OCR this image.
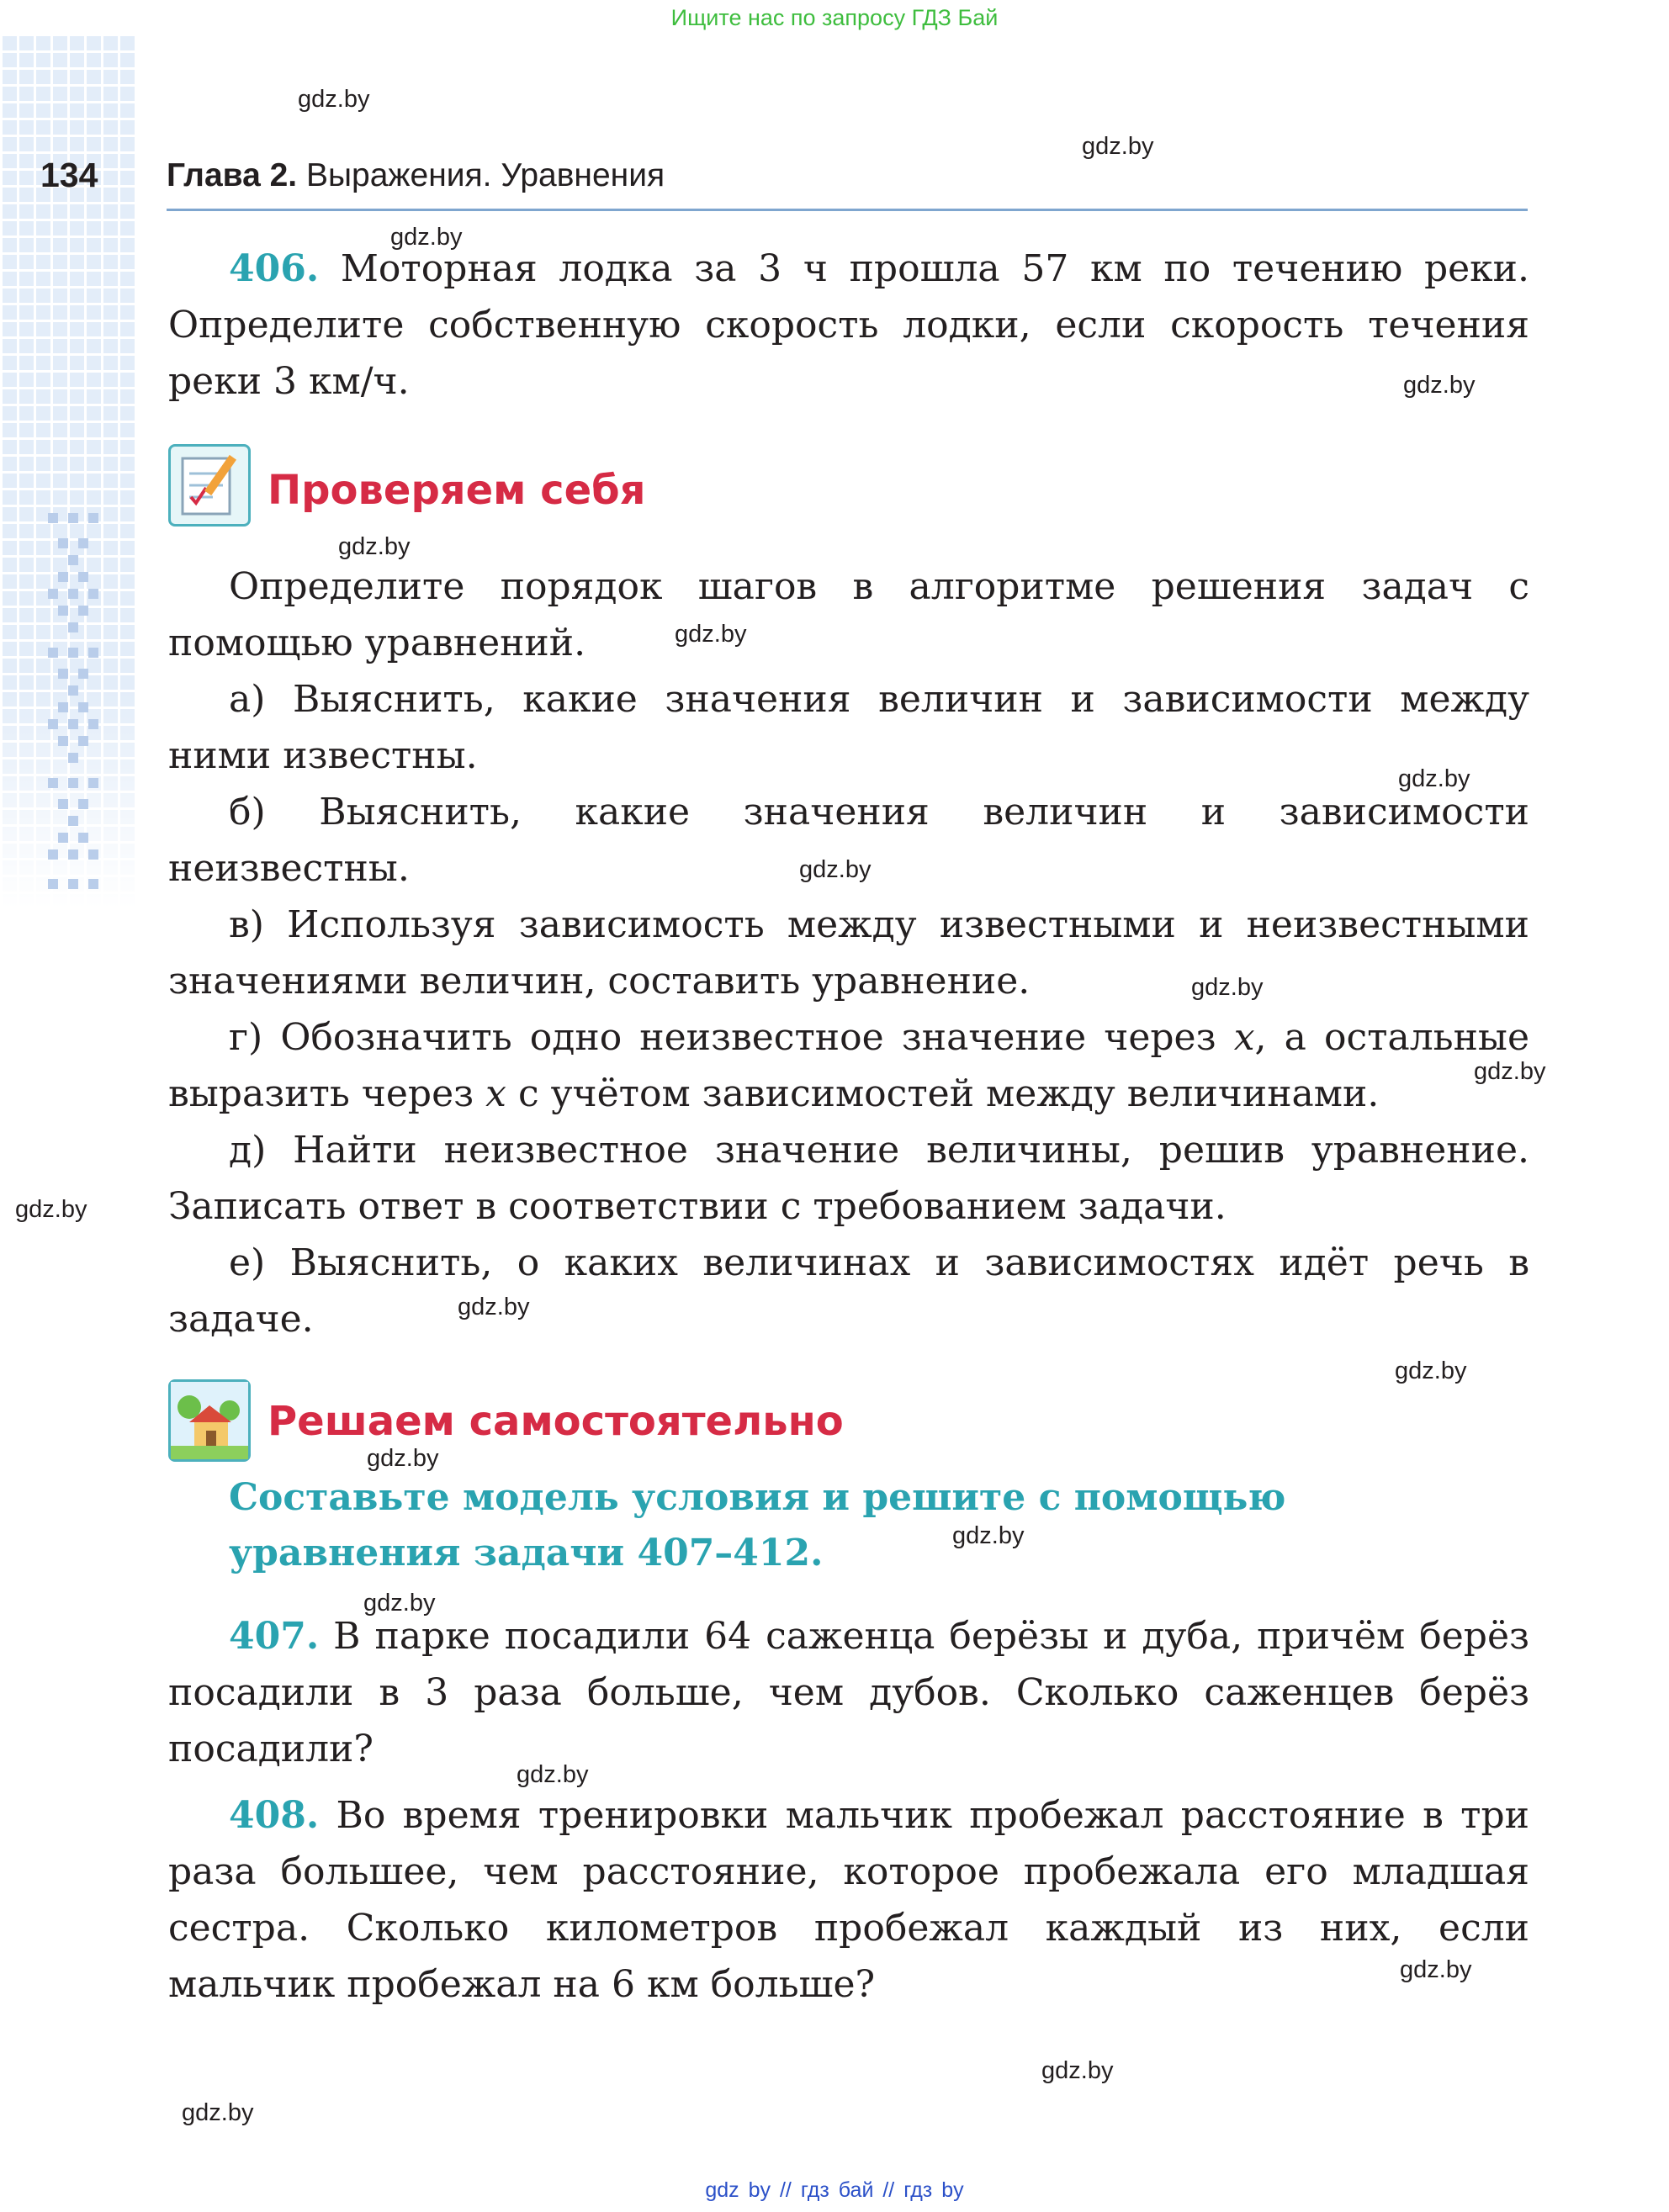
Ищите нас по запросу ГДЗ Бай
134 Глава 2. Выражения. Уравнения

406. Моторная лодка за 3 ч прошла 57 км по течению реки. Определите собственную скорость лодки, если скорость течения реки 3 км/ч.

Проверяем себя

Определите порядок шагов в алгоритме решения задач с помощью уравнений.

а) Выяснить, какие значения величин и зависимости между ними известны.

б) Выяснить, какие значения величин и зависимости неизвестны.

в) Используя зависимость между известными и неизвестными значениями величин, составить уравнение.

г) Обозначить одно неизвестное значение через x, а остальные выразить через x с учётом зависимостей между величинами.

д) Найти неизвестное значение величины, решив уравнение. Записать ответ в соответствии с требованием задачи.

е) Выяснить, о каких величинах и зависимостях идёт речь в задаче.

Решаем самостоятельно
Составьте модель условия и решите с помощью уравнения задачи 407–412.

407. В парке посадили 64 саженца берёзы и дуба, причём берёз посадили в 3 раза больше, чем дубов. Сколько саженцев берёз посадили?

408. Во время тренировки мальчик пробежал расстояние в три раза большее, чем расстояние, которое пробежала его младшая сестра. Сколько километров пробежал каждый из них, если мальчик пробежал на 6 км больше?

gdz.by
gdz.by
gdz.by
gdz.by
gdz.by
gdz.by
gdz.by
gdz.by
gdz.by
gdz.by
gdz.by
gdz.by
gdz.by
gdz.by
gdz.by
gdz.by
gdz.by
gdz.by
gdz.by
gdz.by
gdz by // гдз бай // гдз by
